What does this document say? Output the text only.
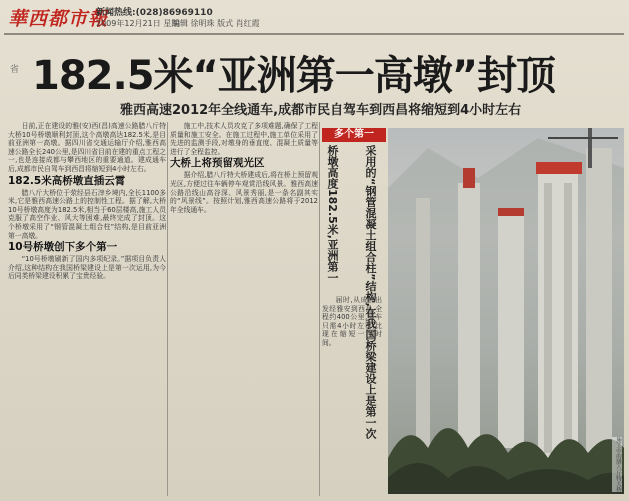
華西都市報
新闻热线:(028)86969110
2009年12月21日 星期一
编辑 徐明珠 版式 肖红霞
省 182.5米“亚洲第一高墩”封顶
雅西高速2012年全线通车,成都市民自驾车到西昌将缩短到4小时左右

日前,正在建设的雅(安)西(昌)高速公路腊八斤特大桥10号桥墩顺利封顶,这个高墩高达182.5米,是目前亚洲第一高墩。据四川省交通运输厅介绍,雅西高速公路全长240公里,是四川省目前在建的重点工程之一,也是连接成都与攀西地区的重要通道。建成通车后,成都市民自驾车到西昌将缩短到4小时左右。

182.5米高桥墩直插云霄

腊八斤大桥位于荥经县石滓乡境内,全长1100多米,它是雅西高速公路上的控制性工程。据了解,大桥10号桥墩高度为182.5米,相当于60层楼高,施工人员克服了高空作业、风大等困难,最终完成了封顶。这个桥墩采用了“钢管混凝土组合柱”结构,是目前亚洲第一高墩。

10号桥墩创下多个第一

“10号桥墩刷新了国内多项纪录。”据项目负责人介绍,这种结构在我国桥梁建设上是第一次运用,为今后同类桥梁建设积累了宝贵经验。

施工中,技术人员攻克了多项难题,确保了工程质量和施工安全。在施工过程中,施工单位采用了先进的监测手段,对墩身的垂直度、混凝土质量等进行了全程监控。

大桥上将预留观光区

据介绍,腊八斤特大桥建成后,将在桥上预留观光区,方便过往车辆停车观赏沿线风景。雅西高速公路沿线山高谷深、风景秀丽,是一条名副其实的“风景线”。按照计划,雅西高速公路将于2012年全线通车。

多个第一
桥墩高度182.5米,亚洲第一 采用的“钢管混凝土组合柱”结构,在我国桥梁建设上是第一次

届时,从成都出发经雅安到西昌,全程约400公里,驾车只需4小时左右,比现在缩短一半时间。

施工中的腊八斤特大桥
